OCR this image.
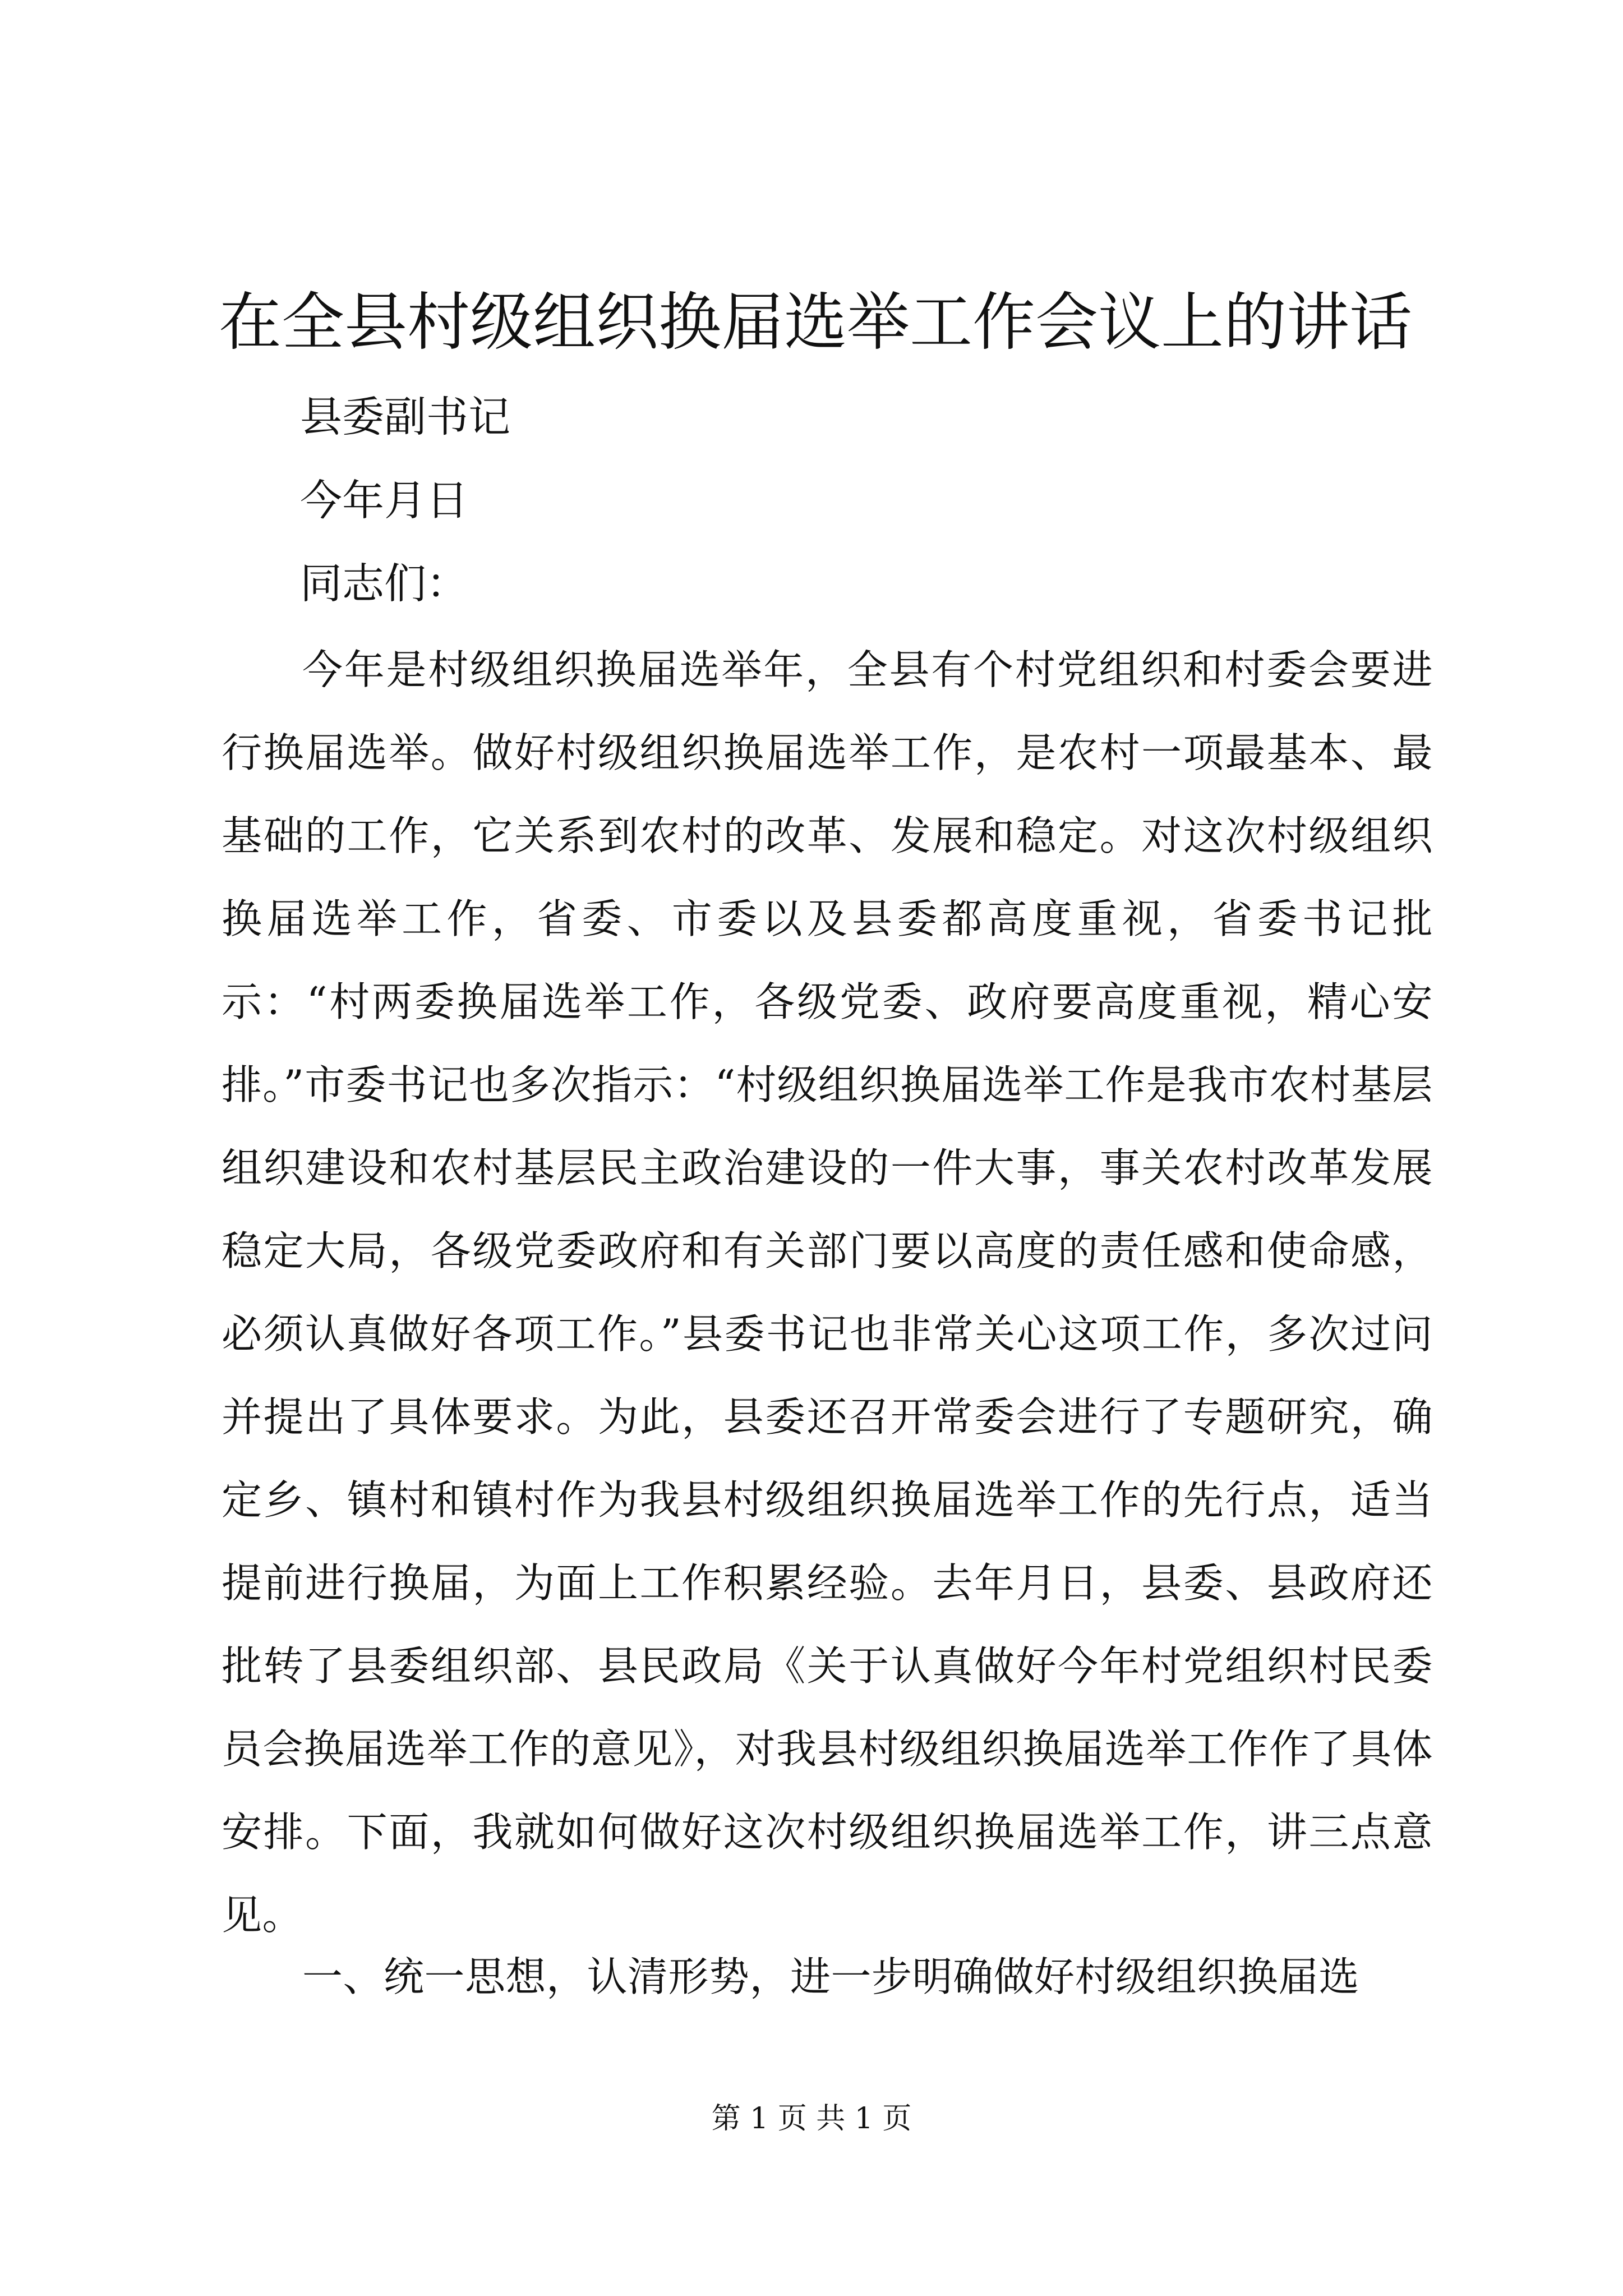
在全县村级组织换届选举工作会议上的讲话

县委副书记

今年月日

同志们：

今年是村级组织换届选举年，全县有个村党组织和村委会要进行换届选举。做好村级组织换届选举工作，是农村一项最基本、最基础的工作，它关系到农村的改革、发展和稳定。对这次村级组织换届选举工作，省委、市委以及县委都高度重视，省委书记批示：“村两委换届选举工作，各级党委、政府要高度重视，精心安排。”市委书记也多次指示：“村级组织换届选举工作是我市农村基层组织建设和农村基层民主政治建设的一件大事，事关农村改革发展稳定大局，各级党委政府和有关部门要以高度的责任感和使命感，必须认真做好各项工作。”县委书记也非常关心这项工作，多次过问并提出了具体要求。为此，县委还召开常委会进行了专题研究，确定乡、镇村和镇村作为我县村级组织换届选举工作的先行点，适当提前进行换届，为面上工作积累经验。去年月日，县委、县政府还批转了县委组织部、县民政局《关于认真做好今年村党组织村民委员会换届选举工作的意见》，对我县村级组织换届选举工作作了具体安排。下面，我就如何做好这次村级组织换届选举工作，讲三点意见。

一、统一思想，认清形势，进一步明确做好村级组织换届选

第 1 页 共 1 页
